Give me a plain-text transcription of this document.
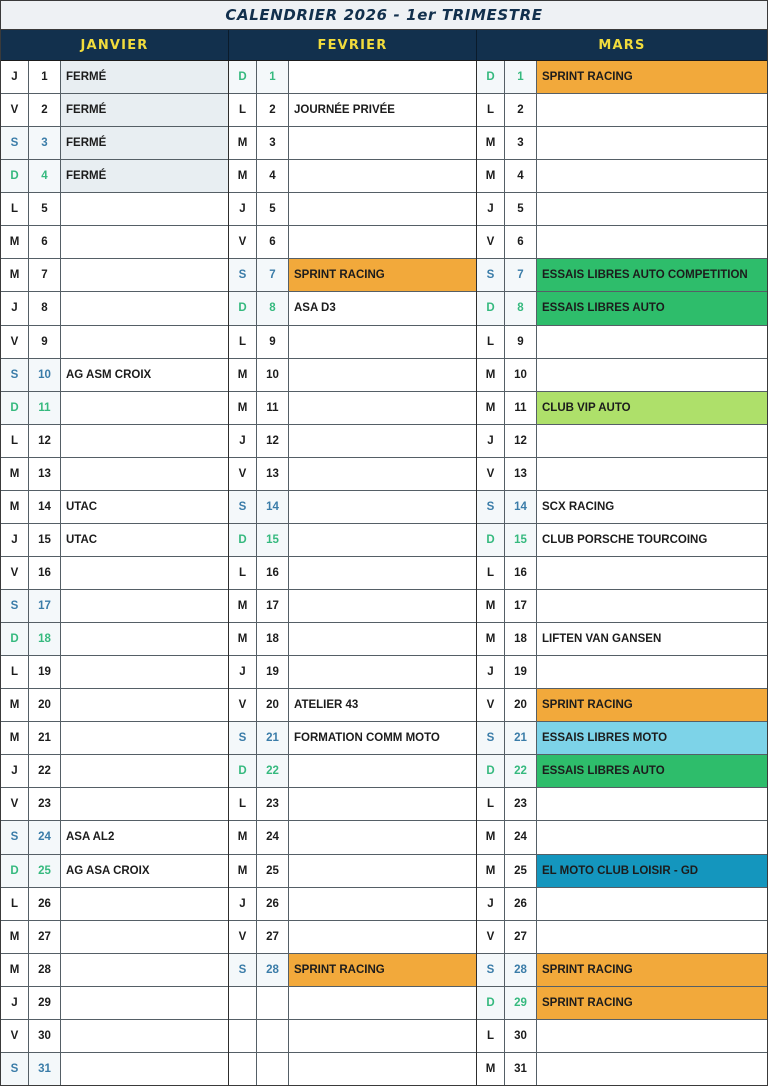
CALENDRIER 2026 - 1er TRIMESTRE
JANVIER	FEVRIER	MARS
J	1	FERMÉ
V	2	FERMÉ
S	3	FERMÉ
D	4	FERMÉ
L	5
M	6
M	7
J	8
V	9
S	10	AG ASM CROIX
D	11
L	12
M	13
M	14	UTAC
J	15	UTAC
V	16
S	17
D	18
L	19
M	20
M	21
J	22
V	23
S	24	ASA AL2
D	25	AG ASA CROIX
L	26
M	27
M	28
J	29
V	30
S	31
D	1
L	2	JOURNÉE PRIVÉE
M	3
M	4
J	5
V	6
S	7	SPRINT RACING
D	8	ASA D3
L	9
M	10
M	11
J	12
V	13
S	14
D	15
L	16
M	17
M	18
J	19
V	20	ATELIER 43
S	21	FORMATION COMM MOTO
D	22
L	23
M	24
M	25
J	26
V	27
S	28	SPRINT RACING
D	1	SPRINT RACING
L	2
M	3
M	4
J	5
V	6
S	7	ESSAIS LIBRES AUTO COMPETITION
D	8	ESSAIS LIBRES AUTO
L	9
M	10
M	11	CLUB VIP AUTO
J	12
V	13
S	14	SCX RACING
D	15	CLUB PORSCHE TOURCOING
L	16
M	17
M	18	LIFTEN VAN GANSEN
J	19
V	20	SPRINT RACING
S	21	ESSAIS LIBRES MOTO
D	22	ESSAIS LIBRES AUTO
L	23
M	24
M	25	EL MOTO CLUB LOISIR - GD
J	26
V	27
S	28	SPRINT RACING
D	29	SPRINT RACING
L	30
M	31
